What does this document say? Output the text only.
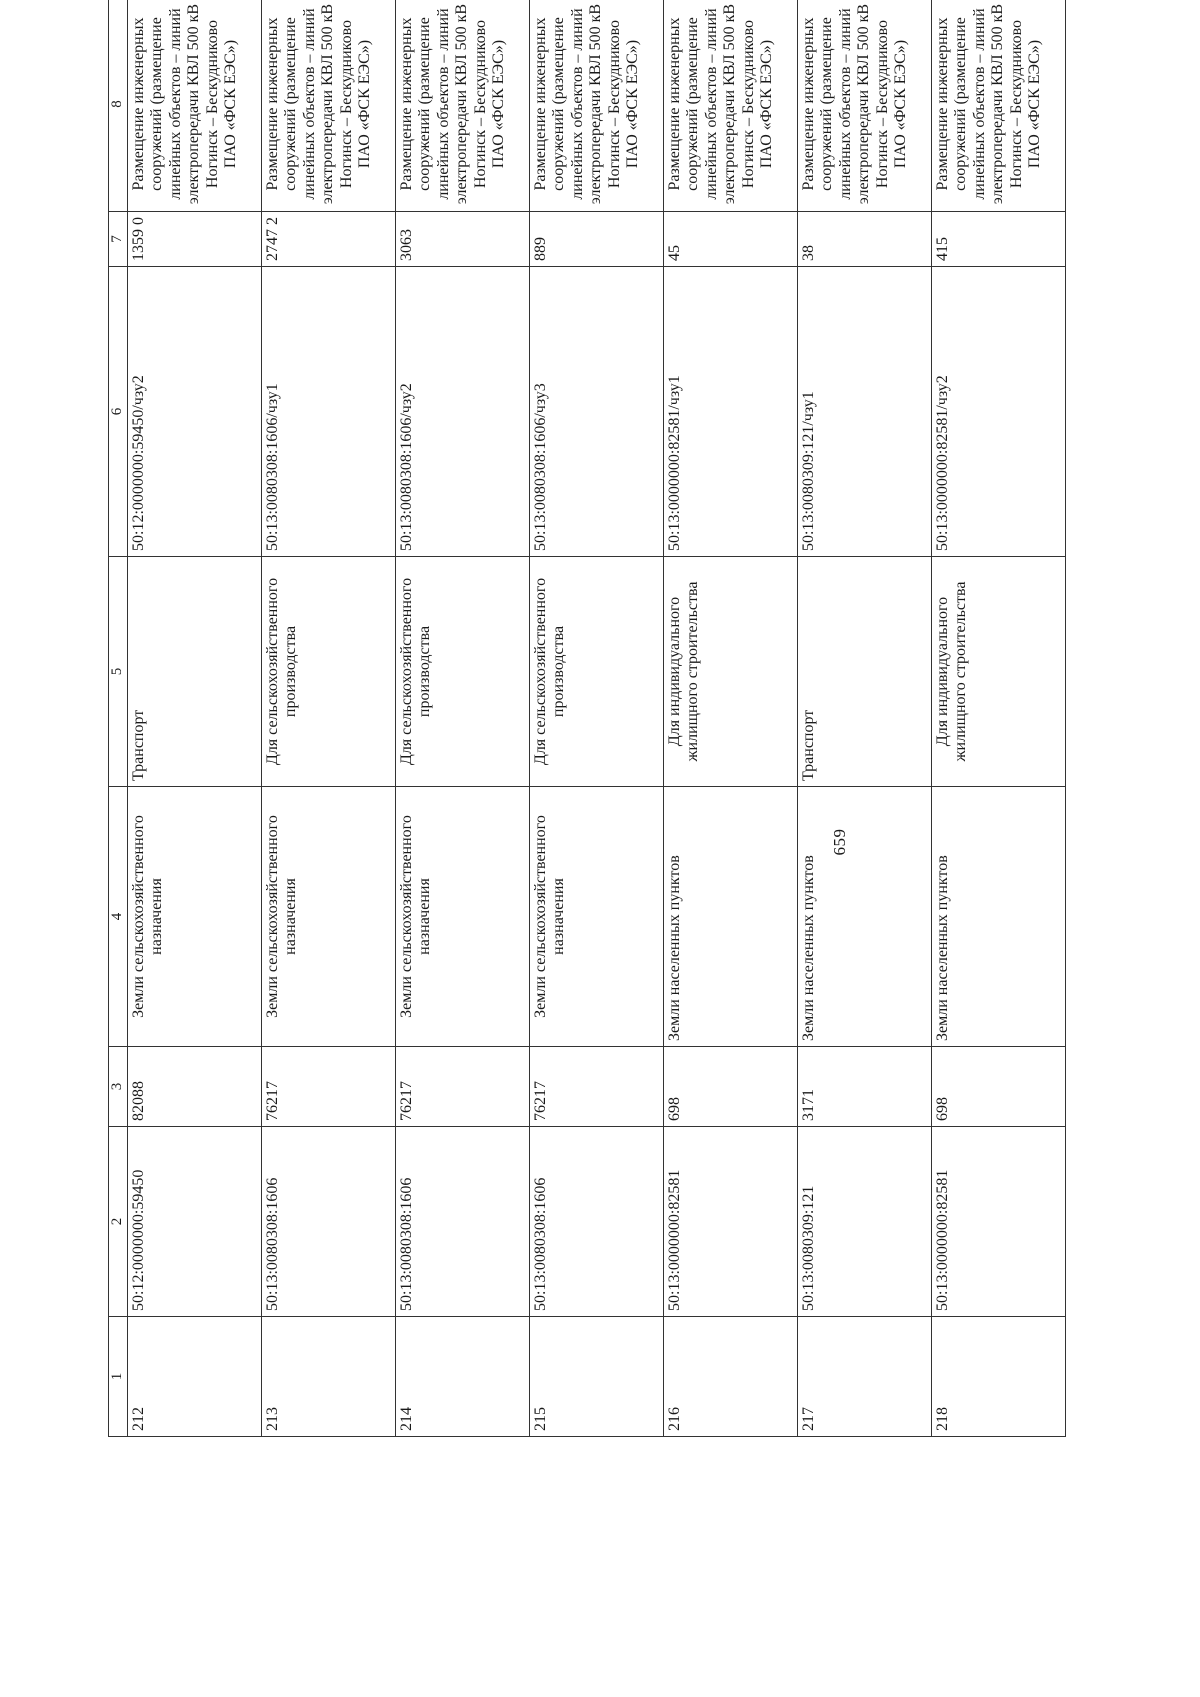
659
1	2	3	4	5	6	7	8
212	50:12:0000000:59450	82088	Земли сельскохозяйственного назначения	Транспорт	50:12:0000000:59450/чзу2	1359 0	Размещение инженерных сооружений (размещение линейных объектов – линий электропередачи КВЛ 500 кВ Ногинск – Бескудниково ПАО «ФСК ЕЭС»)
213	50:13:0080308:1606	76217	Земли сельскохозяйственного назначения	Для сельскохозяйственного производства	50:13:0080308:1606/чзу1	2747 2	Размещение инженерных сооружений (размещение линейных объектов – линий электропередачи КВЛ 500 кВ Ногинск – Бескудниково ПАО «ФСК ЕЭС»)
214	50:13:0080308:1606	76217	Земли сельскохозяйственного назначения	Для сельскохозяйственного производства	50:13:0080308:1606/чзу2	3063	Размещение инженерных сооружений (размещение линейных объектов – линий электропередачи КВЛ 500 кВ Ногинск – Бескудниково ПАО «ФСК ЕЭС»)
215	50:13:0080308:1606	76217	Земли сельскохозяйственного назначения	Для сельскохозяйственного производства	50:13:0080308:1606/чзу3	889	Размещение инженерных сооружений (размещение линейных объектов – линий электропередачи КВЛ 500 кВ Ногинск – Бескудниково ПАО «ФСК ЕЭС»)
216	50:13:0000000:82581	698	Земли населенных пунктов	Для индивидуального жилищного строительства	50:13:0000000:82581/чзу1	45	Размещение инженерных сооружений (размещение линейных объектов – линий электропередачи КВЛ 500 кВ Ногинск – Бескудниково ПАО «ФСК ЕЭС»)
217	50:13:0080309:121	3171	Земли населенных пунктов	Транспорт	50:13:0080309:121/чзу1	38	Размещение инженерных сооружений (размещение линейных объектов – линий электропередачи КВЛ 500 кВ Ногинск – Бескудниково ПАО «ФСК ЕЭС»)
218	50:13:0000000:82581	698	Земли населенных пунктов	Для индивидуального жилищного строительства	50:13:0000000:82581/чзу2	415	Размещение инженерных сооружений (размещение линейных объектов – линий электропередачи КВЛ 500 кВ Ногинск – Бескудниково ПАО «ФСК ЕЭС»)
